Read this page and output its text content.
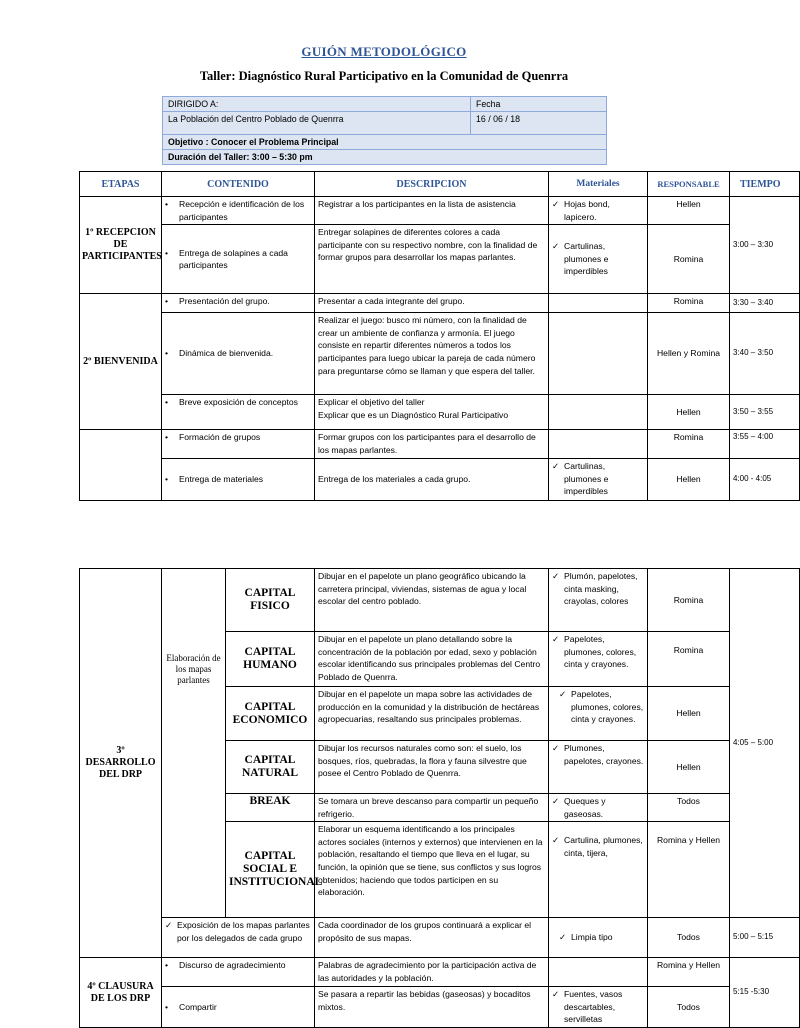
GUIÓN METODOLÓGICO
Taller: Diagnóstico Rural Participativo en la Comunidad de Quenrra
DIRIGIDO A:	Fecha
La Población del Centro Poblado de Quenrra	16 / 06 / 18
Objetivo : Conocer el Problema Principal	
Duración del Taller: 3:00 – 5:30 pm	
ETAPAS	CONTENIDO	DESCRIPCION	Materiales	RESPONSABLE	TIEMPO
1º RECEPCION DE PARTICIPANTES	• Recepción e identificación de los participantes	Registrar a los participantes en la lista de asistencia	✓ Hojas bond, lapicero.	Hellen	3:00 – 3:30

	• Entrega de solapines a cada participantes	Entregar solapines de diferentes colores a cada participante con su respectivo nombre, con la finalidad de formar grupos para desarrollar los mapas parlantes.	✓ Cartulinas, plumones e imperdibles	Romina	
2º BIENVENIDA	• Presentación del grupo.	Presentar a cada integrante del grupo.		Romina	3:30 – 3:40

	• Dinámica de bienvenida.	Realizar el juego: busco mi número, con la finalidad de crear un ambiente de confianza y armonía. El juego consiste en repartir diferentes números a todos los participantes para luego ubicar la pareja de cada número para preguntarse cómo se llaman y que espera del taller.		Hellen y Romina	3:40 – 3:50

	• Breve exposición de conceptos	Explicar el objetivo del taller
Explicar que es un Diagnóstico Rural Participativo		Hellen	3:50 – 3:55

	• Formación de grupos	Formar grupos con los participantes para el desarrollo de los mapas parlantes.		Romina	3:55 – 4:00

	• Entrega de materiales	Entrega de los materiales a cada grupo.	✓ Cartulinas, plumones e imperdibles	Hellen	4:00 - 4:05
3º DESARROLLO DEL DRP	Elaboración de los mapas parlantes	CAPITAL FISICO	Dibujar en el papelote un plano geográfico ubicando la carretera principal, viviendas, sistemas de agua y local escolar del centro poblado.	✓ Plumón, papelotes, cinta masking, crayolas, colores	Romina	4:05 – 5:00
		CAPITAL HUMANO	Dibujar en el papelote un plano detallando sobre la concentración de la población por edad, sexo y población escolar identificando sus principales problemas del Centro Poblado de Quenrra.	✓ Papelotes, plumones, colores, cinta y crayones.	Romina	
		CAPITAL ECONOMICO	Dibujar en el papelote un mapa sobre las actividades de producción en la comunidad y la distribución de hectáreas agropecuarias, resaltando sus principales problemas.	✓ Papelotes, plumones, colores, cinta y crayones.	Hellen	
		CAPITAL NATURAL	Dibujar los recursos naturales como son: el suelo, los bosques, ríos, quebradas, la flora y fauna silvestre que posee el Centro Poblado de Quenrra.	✓ Plumones, papelotes, crayones.	Hellen	
		BREAK	Se tomara un breve descanso para compartir un pequeño refrigerio.	✓ Queques y gaseosas.	Todos	
		CAPITAL SOCIAL E INSTITUCIONAL	Elaborar un esquema identificando a los principales actores sociales (internos y externos) que intervienen en la población, resaltando el tiempo que lleva en el lugar, su función, la opinión que se tiene, sus conflictos y sus logros obtenidos; haciendo que todos participen en su elaboración.	✓ Cartulina, plumones, cinta, tijera,	Romina y Hellen	

	✓ Exposición de los mapas parlantes por los delegados de cada grupo		Cada coordinador de los grupos continuará a explicar el propósito de sus mapas.	✓ Limpia tipo	Todos	5:00 – 5:15
4º CLAUSURA DE LOS DRP	• Discurso de agradecimiento		Palabras de agradecimiento por la participación activa de las autoridades y la población.		Romina y Hellen	5:15 -5:30

	• Compartir		Se pasara a repartir las bebidas (gaseosas) y bocaditos mixtos.	✓ Fuentes, vasos descartables, servilletas	Todos	
